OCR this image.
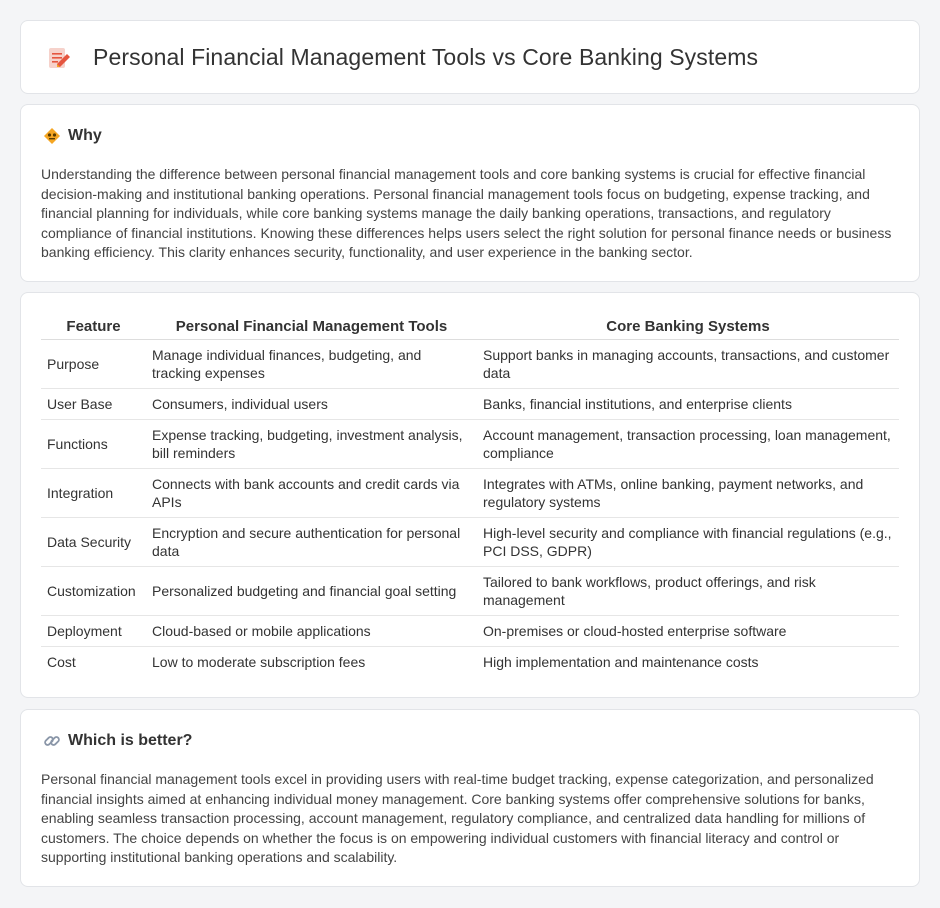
Personal Financial Management Tools vs Core Banking Systems
Why

Understanding the difference between personal financial management tools and core banking systems is crucial for effective financial decision-making and institutional banking operations. Personal financial management tools focus on budgeting, expense tracking, and financial planning for individuals, while core banking systems manage the daily banking operations, transactions, and regulatory compliance of financial institutions. Knowing these differences helps users select the right solution for personal finance needs or business banking efficiency. This clarity enhances security, functionality, and user experience in the banking sector.

Feature	Personal Financial Management Tools	Core Banking Systems
Purpose	Manage individual finances, budgeting, and tracking expenses	Support banks in managing accounts, transactions, and customer data
User Base	Consumers, individual users	Banks, financial institutions, and enterprise clients
Functions	Expense tracking, budgeting, investment analysis, bill reminders	Account management, transaction processing, loan management, compliance
Integration	Connects with bank accounts and credit cards via APIs	Integrates with ATMs, online banking, payment networks, and regulatory systems
Data Security	Encryption and secure authentication for personal data	High-level security and compliance with financial regulations (e.g., PCI DSS, GDPR)
Customization	Personalized budgeting and financial goal setting	Tailored to bank workflows, product offerings, and risk management
Deployment	Cloud-based or mobile applications	On-premises or cloud-hosted enterprise software
Cost	Low to moderate subscription fees	High implementation and maintenance costs
Which is better?

Personal financial management tools excel in providing users with real-time budget tracking, expense categorization, and personalized financial insights aimed at enhancing individual money management. Core banking systems offer comprehensive solutions for banks, enabling seamless transaction processing, account management, regulatory compliance, and centralized data handling for millions of customers. The choice depends on whether the focus is on empowering individual customers with financial literacy and control or supporting institutional banking operations and scalability.
